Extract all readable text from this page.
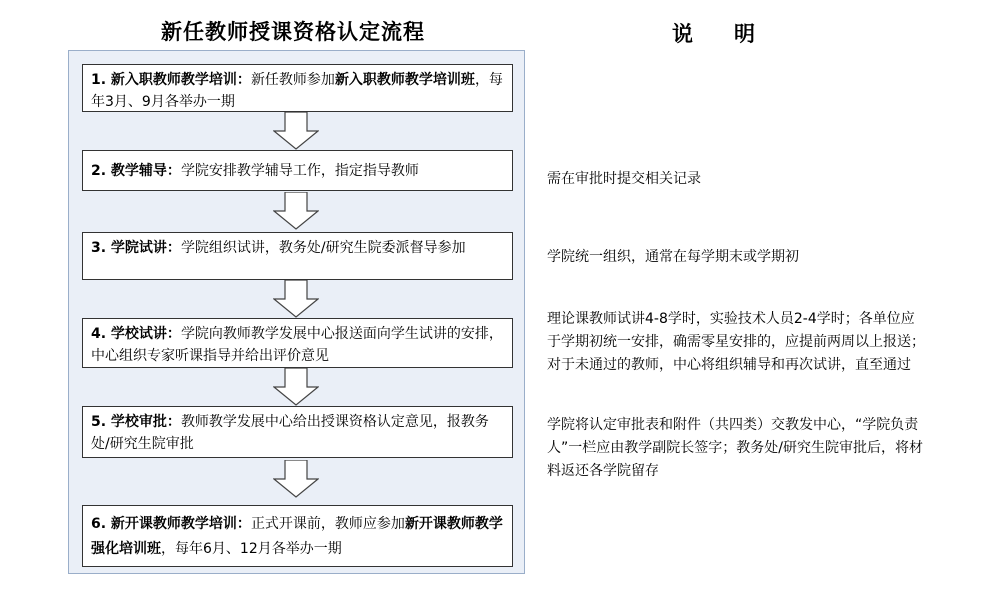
新任教师授课资格认定流程	说　明
1. 新入职教师教学培训：新任教师参加新入职教师教学培训班，每年3月、9月各举办一期
2. 教学辅导：学院安排教学辅导工作，指定指导教师
3. 学院试讲：学院组织试讲，教务处/研究生院委派督导参加
4. 学校试讲：学院向教师教学发展中心报送面向学生试讲的安排，中心组织专家听课指导并给出评价意见
5. 学校审批：教师教学发展中心给出授课资格认定意见，报教务处/研究生院审批
6. 新开课教师教学培训：正式开课前，教师应参加新开课教师教学强化培训班，每年6月、12月各举办一期
需在审批时提交相关记录
学院统一组织，通常在每学期末或学期初
理论课教师试讲4-8学时，实验技术人员2-4学时；各单位应于学期初统一安排，确需零星安排的，应提前两周以上报送；对于未通过的教师，中心将组织辅导和再次试讲，直至通过
学院将认定审批表和附件（共四类）交教发中心，“学院负责人”一栏应由教学副院长签字；教务处/研究生院审批后，将材料返还各学院留存
